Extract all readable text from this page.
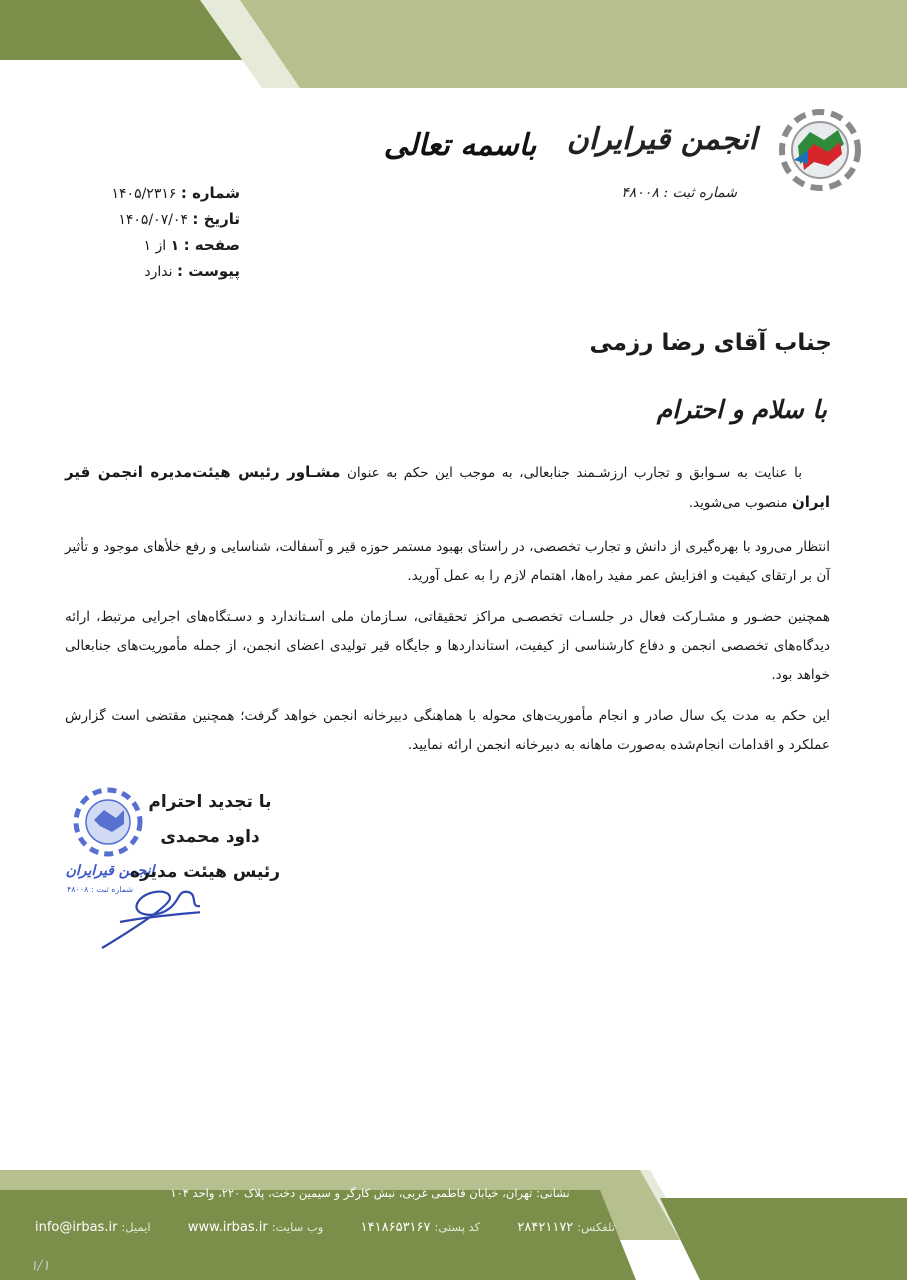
انجمن قیرایران
شماره ثبت : ۴۸۰۰۸
باسمه تعالی
شماره : ۱۴۰۵/۲۳۱۶
تاریخ : ۱۴۰۵/۰۷/۰۴
صفحه : ۱ از ۱
پیوست : ندارد
جناب آقای رضا رزمی
با سلام و احترام
با عنایت به سـوابق و تجارب ارزشـمند جنابعالی، به موجب این حکم به عنوان مشـاور رئیس هیئت‌مدیره انجمن قیر ایران منصوب می‌شوید.
انتظار می‌رود با بهره‌گیری از دانش و تجارب تخصصی، در راستای بهبود مستمر حوزه قیر و آسفالت، شناسایی و رفع خلأهای موجود و تأثیر آن بر ارتقای کیفیت و افزایش عمر مفید راه‌ها، اهتمام لازم را به عمل آورید.
همچنین حضـور و مشـارکت فعال در جلسـات تخصصـی مراکز تحقیقاتی، سـازمان ملی اسـتاندارد و دسـتگاه‌های اجرایی مرتبط، ارائه دیدگاه‌های تخصصی انجمن و دفاع کارشناسی از کیفیت، استانداردها و جایگاه قیر تولیدی اعضای انجمن، از جمله مأموریت‌های جنابعالی خواهد بود.
این حکم به مدت یک سال صادر و انجام مأموریت‌های محوله با هماهنگی دبیرخانه انجمن خواهد گرفت؛ همچنین مقتضی است گزارش عملکرد و اقدامات انجام‌شده به‌صورت ماهانه به دبیرخانه انجمن ارائه نمایید.
انجمن قیرایران
شماره ثبت : ۴۸۰۰۸
با تجدید احترام
داود محمدی
رئیس هیئت مدیره
نشانی: تهران، خیابان فاطمی غربی، نبش کارگر و سیمین دخت، پلاک ۲۲۰، واحد ۱۰۴
تلفکس:۲۸۴۲۱۱۷۲
کد پستی:۱۴۱۸۶۵۳۱۶۷
وب سایت:www.irbas.ir
ایمیل:info@irbas.ir
۱/۱
